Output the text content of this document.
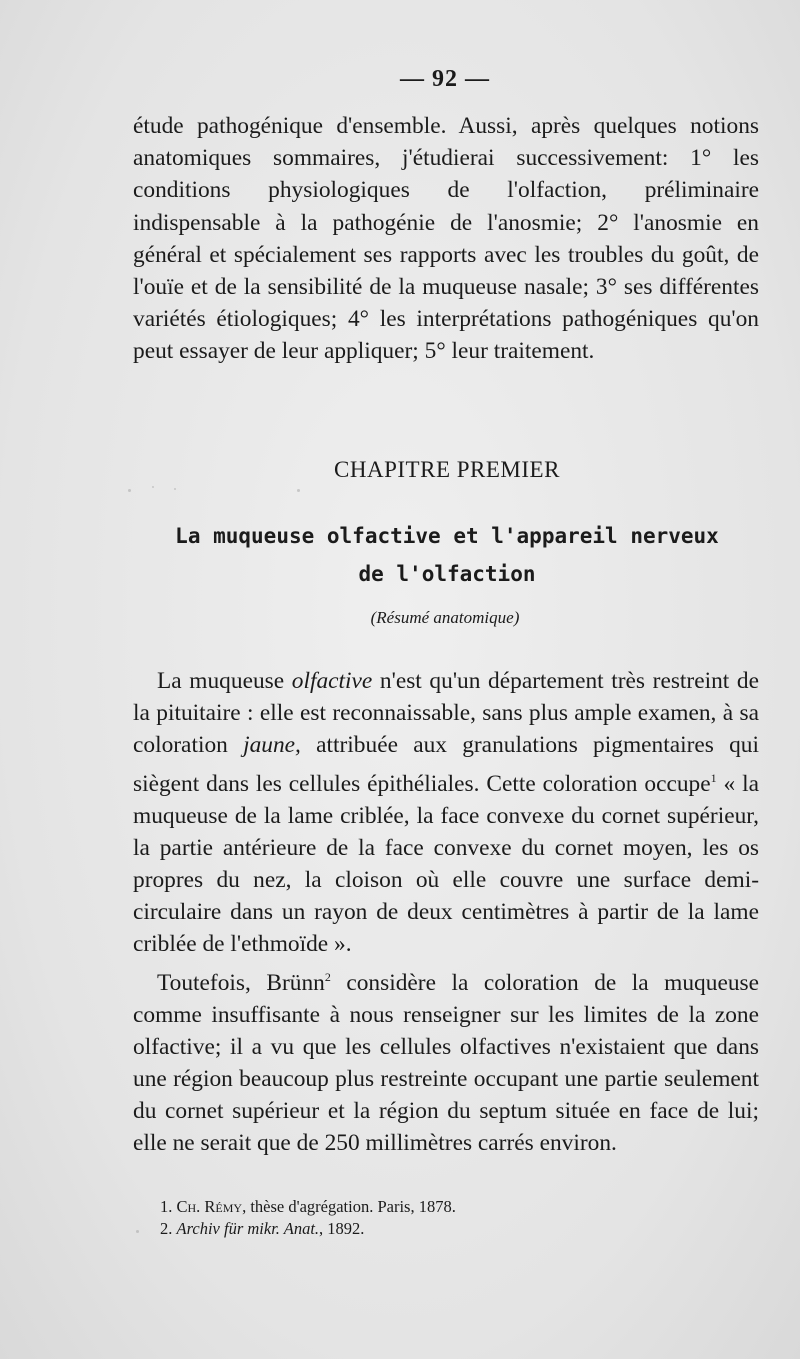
— 92 —

étude pathogénique d'ensemble. Aussi, après quelques notions anatomiques sommaires, j'étudierai successivement: 1° les conditions physiologiques de l'olfaction, préliminaire indispensable à la pathogénie de l'anosmie; 2° l'anosmie en général et spécialement ses rapports avec les troubles du goût, de l'ouïe et de la sensibilité de la muqueuse nasale; 3° ses différentes variétés étiologiques; 4° les interprétations pathogéniques qu'on peut essayer de leur appliquer; 5° leur traitement.

CHAPITRE PREMIER
La muqueuse olfactive et l'appareil nerveux
de l'olfaction
(Résumé anatomique)

La muqueuse olfactive n'est qu'un département très restreint de la pituitaire : elle est reconnaissable, sans plus ample examen, à sa coloration jaune, attribuée aux granulations pigmentaires qui siègent dans les cellules épithéliales. Cette coloration occupe$^1$ « la muqueuse de la lame criblée, la face convexe du cornet supérieur, la partie antérieure de la face convexe du cornet moyen, les os propres du nez, la cloison où elle couvre une surface demi-circulaire dans un rayon de deux centimètres à partir de la lame criblée de l'ethmoïde ».

Toutefois, Brünn$^2$ considère la coloration de la muqueuse comme insuffisante à nous renseigner sur les limites de la zone olfactive; il a vu que les cellules olfactives n'existaient que dans une région beaucoup plus restreinte occupant une partie seulement du cornet supérieur et la région du septum située en face de lui; elle ne serait que de 250 millimètres carrés environ.

1. Ch. Rémy, thèse d'agrégation. Paris, 1878.

2. Archiv für mikr. Anat., 1892.
